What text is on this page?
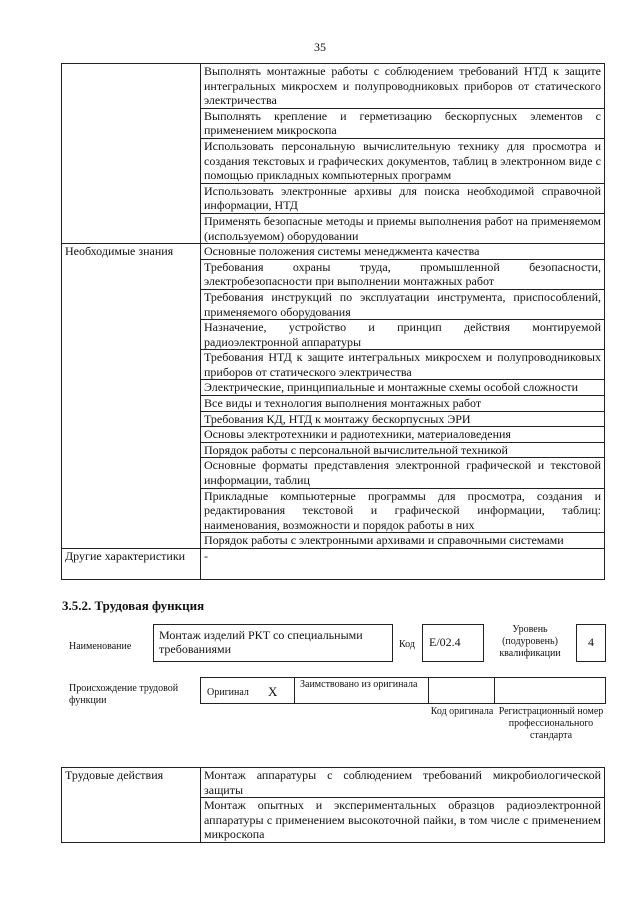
35
	Выполнять монтажные работы с соблюдением требований НТД к защите интегральных микросхем и полупроводниковых приборов от статического электричества
	Выполнять крепление и герметизацию бескорпусных элементов с применением микроскопа
	Использовать персональную вычислительную технику для просмотра и создания текстовых и графических документов, таблиц в электронном виде с помощью прикладных компьютерных программ
	Использовать электронные архивы для поиска необходимой справочной информации, НТД
	Применять безопасные методы и приемы выполнения работ на применяемом (используемом) оборудовании
Необходимые знания	Основные положения системы менеджмента качества
	Требования охраны труда, промышленной безопасности, электробезопасности при выполнении монтажных работ
	Требования инструкций по эксплуатации инструмента, приспособлений, применяемого оборудования
	Назначение, устройство и принцип действия монтируемой радиоэлектронной аппаратуры
	Требования НТД к защите интегральных микросхем и полупроводниковых приборов от статического электричества
	Электрические, принципиальные и монтажные схемы особой сложности
	Все виды и технология выполнения монтажных работ
	Требования КД, НТД к монтажу бескорпусных ЭРИ
	Основы электротехники и радиотехники, материаловедения
	Порядок работы с персональной вычислительной техникой
	Основные форматы представления электронной графической и текстовой информации, таблиц
	Прикладные компьютерные программы для просмотра, создания и редактирования текстовой и графической информации, таблиц: наименования, возможности и порядок работы в них
	Порядок работы с электронными архивами и справочными системами
Другие характеристики	-
3.5.2. Трудовая функция
Наименование
Монтаж изделий РКТ со специальными требованиями	Код	E/02.4
Уровень (подуровень) квалификации
4
Происхождение трудовой функции
Оригинал X Заимствовано из оригинала
Код оригинала Регистрационный номер профессионального стандарта
Трудовые действия	Монтаж аппаратуры с соблюдением требований микробиологической защиты
Монтаж опытных и экспериментальных образцов радиоэлектронной аппаратуры с применением высокоточной пайки, в том числе с применением микроскопа
